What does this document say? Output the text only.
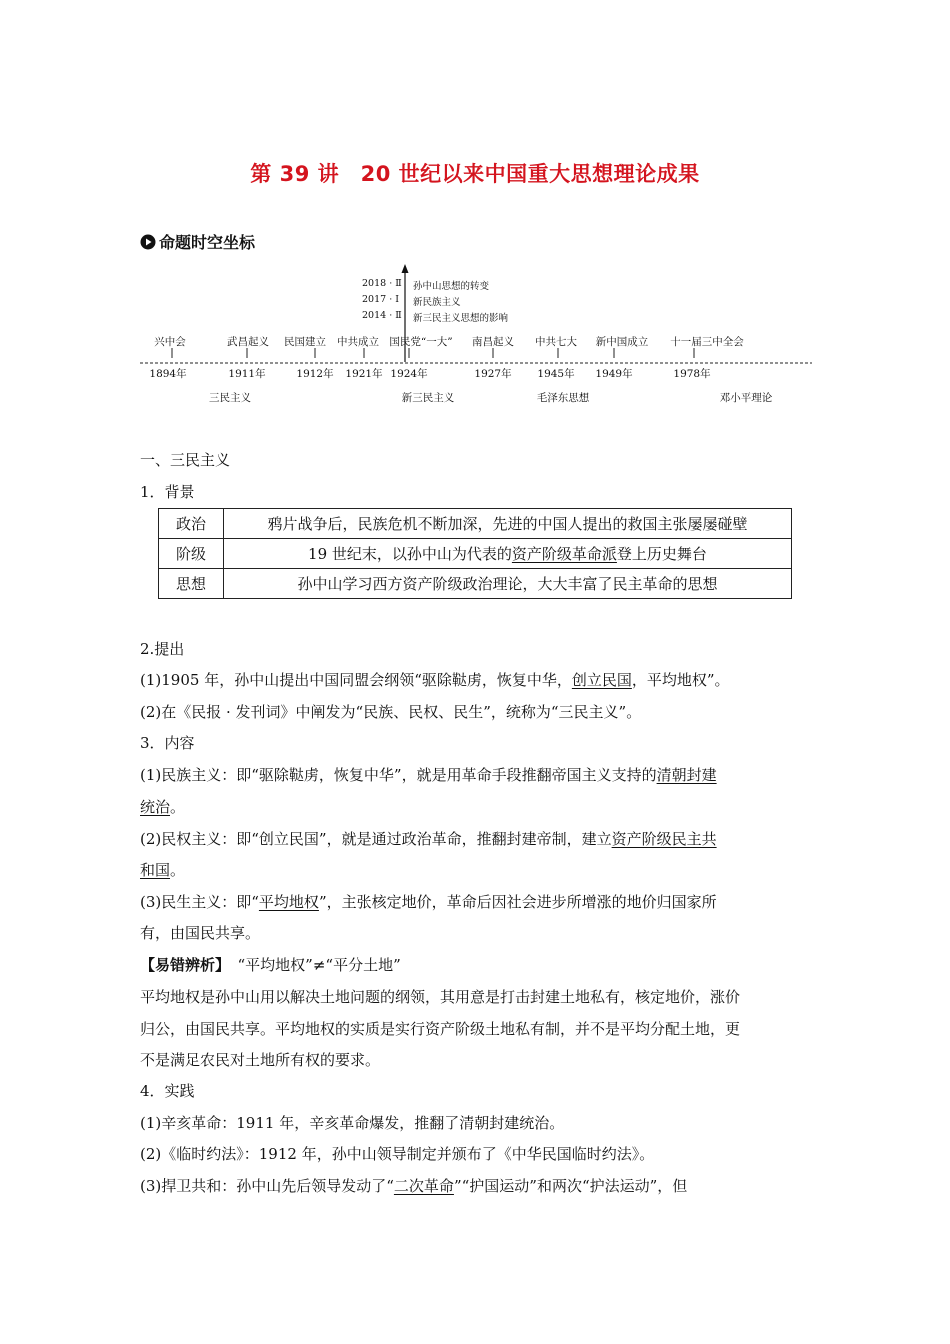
第 39 讲　20 世纪以来中国重大思想理论成果
命题时空坐标
2018 · Ⅱ
2017 · Ⅰ
2014 · Ⅱ
孙中山思想的转变
新民族主义
新三民主义思想的影响
兴中会	武昌起义 民国建立 中共成立 国民党“一大” 南昌起义 中共七大 新中国成立 十一届三中全会
1894年	1911年	1912年 1921年 1924年	1927年 1945年 1949年	1978年
三民主义	新三民主义	毛泽东思想	邓小平理论
一、三民主义
1．背景
政治	鸦片战争后，民族危机不断加深，先进的中国人提出的救国主张屡屡碰壁
阶级	19 世纪末，以孙中山为代表的资产阶级革命派登上历史舞台
思想	孙中山学习西方资产阶级政治理论，大大丰富了民主革命的思想
2.提出
(1)1905 年，孙中山提出中国同盟会纲领“驱除鞑虏，恢复中华，创立民国，平均地权”。
(2)在《民报 · 发刊词》中阐发为“民族、民权、民生”，统称为“三民主义”。
3．内容
(1)民族主义：即“驱除鞑虏，恢复中华”，就是用革命手段推翻帝国主义支持的清朝封建
统治。
(2)民权主义：即“创立民国”，就是通过政治革命，推翻封建帝制，建立资产阶级民主共
和国。
(3)民生主义：即“平均地权”，主张核定地价，革命后因社会进步所增涨的地价归国家所
有，由国民共享。
【易错辨析】　“平均地权”≠“平分土地”
平均地权是孙中山用以解决土地问题的纲领，其用意是打击封建土地私有，核定地价，涨价
归公，由国民共享。平均地权的实质是实行资产阶级土地私有制，并不是平均分配土地，更
不是满足农民对土地所有权的要求。
4．实践
(1)辛亥革命：1911 年，辛亥革命爆发，推翻了清朝封建统治。
(2)《临时约法》：1912 年，孙中山领导制定并颁布了《中华民国临时约法》。
(3)捍卫共和：孙中山先后领导发动了“二次革命”“护国运动”和两次“护法运动”，但
